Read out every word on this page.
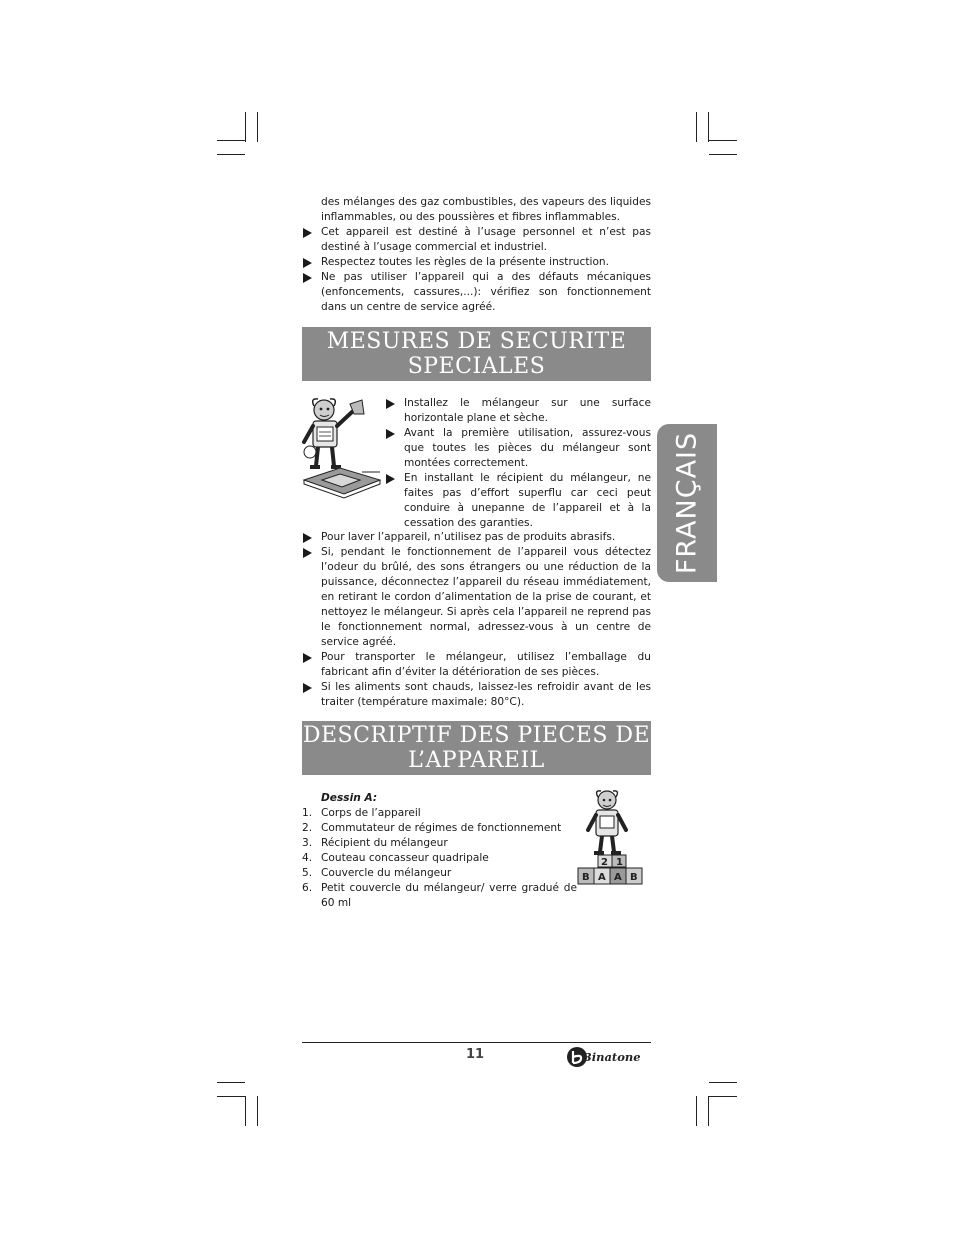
des mélanges des gaz combustibles, des vapeurs des liquides inflammables, ou des poussières et fibres inflammables.

Cet appareil est destiné à l’usage personnel et n’est pas destiné à l’usage commercial et industriel.
Respectez toutes les règles de la présente instruction.
Ne pas utiliser l’appareil qui a des défauts mécaniques (enfoncements, cassures,...): vérifiez son fonctionnement dans un centre de service agréé.
MESURES DE SECURITE
SPECIALES
Installez le mélangeur sur une surface horizontale plane et sèche.
Avant la première utilisation, assurez-vous que toutes les pièces du mélangeur sont montées correctement.
En installant le récipient du mélangeur, ne faites pas d’effort superflu car ceci peut conduire à unepanne de l’appareil et à la cessation des garanties.
Pour laver l’appareil, n’utilisez pas de produits abrasifs.
Si, pendant le fonctionnement de l’appareil vous détectez l’odeur du brûlé, des sons étrangers ou une réduction de la puissance, déconnectez l’appareil du réseau immédiatement, en retirant le cordon d’alimentation de la prise de courant, et nettoyez le mélangeur. Si après cela l’appareil ne reprend pas le fonctionnement normal, adressez-vous à un centre de service agréé.
Pour transporter le mélangeur, utilisez l’emballage du fabricant afin d’éviter la détérioration de ses pièces.
Si les aliments sont chauds, laissez-les refroidir avant de les traiter (température maximale: 80°C).
DESCRIPTIF DES PIECES DE
L’APPAREIL
Dessin A:
1. Corps de l’appareil
2. Commutateur de régimes de fonctionnement
3. Récipient du mélangeur
4. Couteau concasseur quadripale
5. Couvercle du mélangeur
6. Petit couvercle du mélangeur/ verre gradué de 60 ml
2 1
B A A B
FRANÇAIS
11	Binatone
